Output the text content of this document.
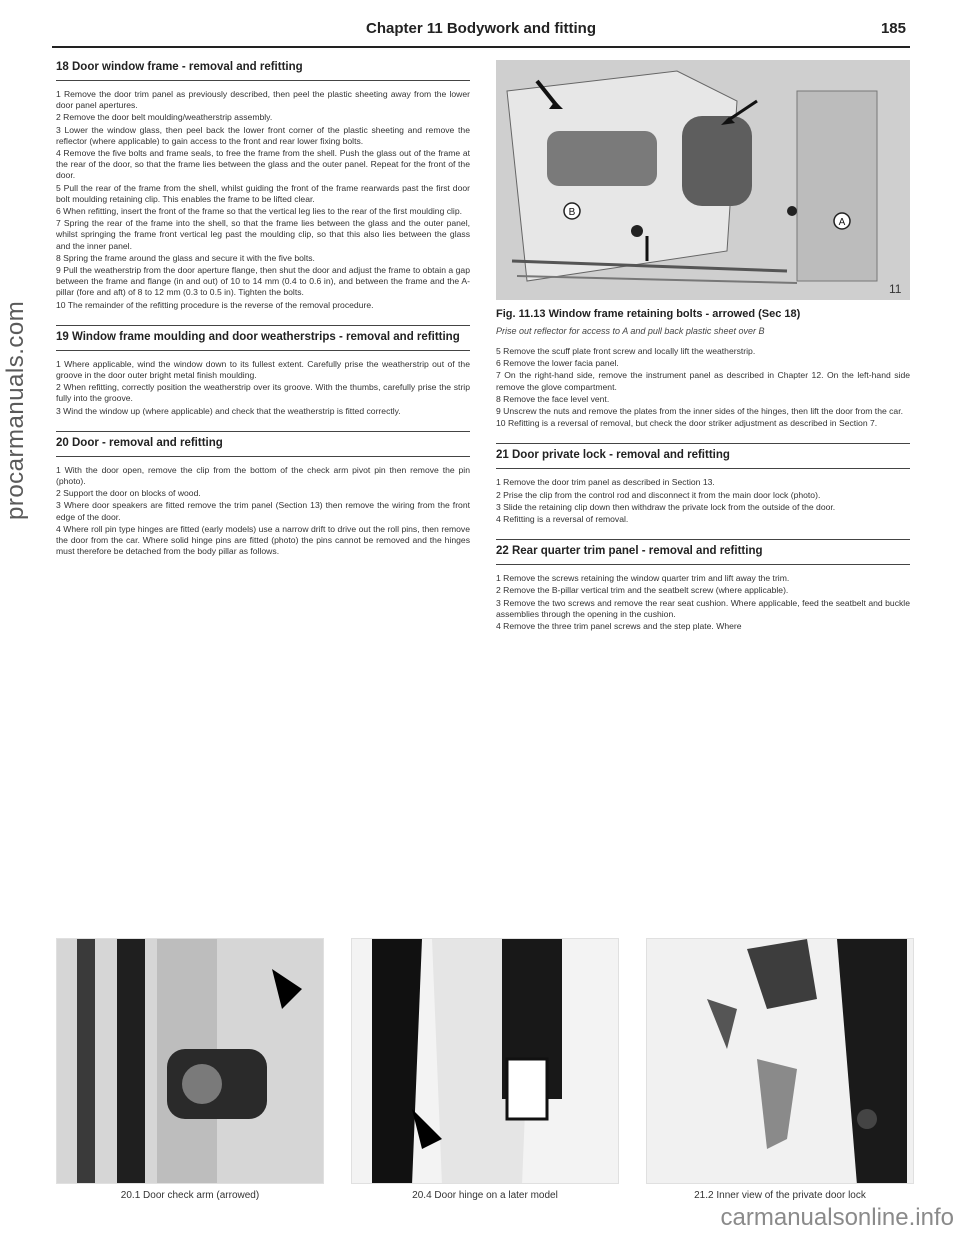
procarmanuals.com
carmanualsonline.info
Chapter 11 Bodywork and fitting	185
18 Door window frame - removal and refitting

1 Remove the door trim panel as previously described, then peel the plastic sheeting away from the lower door panel apertures.

2 Remove the door belt moulding/weatherstrip assembly.

3 Lower the window glass, then peel back the lower front corner of the plastic sheeting and remove the reflector (where applicable) to gain access to the front and rear lower fixing bolts.

4 Remove the five bolts and frame seals, to free the frame from the shell. Push the glass out of the frame at the rear of the door, so that the frame lies between the glass and the outer panel. Repeat for the front of the door.

5 Pull the rear of the frame from the shell, whilst guiding the front of the frame rearwards past the first door bolt moulding retaining clip. This enables the frame to be lifted clear.

6 When refitting, insert the front of the frame so that the vertical leg lies to the rear of the first moulding clip.

7 Spring the rear of the frame into the shell, so that the frame lies between the glass and the outer panel, whilst springing the frame front vertical leg past the moulding clip, so that this also lies between the glass and the inner panel.

8 Spring the frame around the glass and secure it with the five bolts.

9 Pull the weatherstrip from the door aperture flange, then shut the door and adjust the frame to obtain a gap between the frame and flange (in and out) of 10 to 14 mm (0.4 to 0.6 in), and between the frame and the A-pillar (fore and aft) of 8 to 12 mm (0.3 to 0.5 in). Tighten the bolts.

10 The remainder of the refitting procedure is the reverse of the removal procedure.

19 Window frame moulding and door weatherstrips - removal and refitting

1 Where applicable, wind the window down to its fullest extent. Carefully prise the weatherstrip out of the groove in the door outer bright metal finish moulding.

2 When refitting, correctly position the weatherstrip over its groove. With the thumbs, carefully prise the strip fully into the groove.

3 Wind the window up (where applicable) and check that the weatherstrip is fitted correctly.

20 Door - removal and refitting

1 With the door open, remove the clip from the bottom of the check arm pivot pin then remove the pin (photo).

2 Support the door on blocks of wood.

3 Where door speakers are fitted remove the trim panel (Section 13) then remove the wiring from the front edge of the door.

4 Where roll pin type hinges are fitted (early models) use a narrow drift to drive out the roll pins, then remove the door from the car. Where solid hinge pins are fitted (photo) the pins cannot be removed and the hinges must therefore be detached from the body pillar as follows.

B
A
11
Fig. 11.13 Window frame retaining bolts - arrowed (Sec 18)
Prise out reflector for access to A and pull back plastic sheet over B

5 Remove the scuff plate front screw and locally lift the weatherstrip.

6 Remove the lower facia panel.

7 On the right-hand side, remove the instrument panel as described in Chapter 12. On the left-hand side remove the glove compartment.

8 Remove the face level vent.

9 Unscrew the nuts and remove the plates from the inner sides of the hinges, then lift the door from the car.

10 Refitting is a reversal of removal, but check the door striker adjustment as described in Section 7.

21 Door private lock - removal and refitting

1 Remove the door trim panel as described in Section 13.

2 Prise the clip from the control rod and disconnect it from the main door lock (photo).

3 Slide the retaining clip down then withdraw the private lock from the outside of the door.

4 Refitting is a reversal of removal.

22 Rear quarter trim panel - removal and refitting

1 Remove the screws retaining the window quarter trim and lift away the trim.

2 Remove the B-pillar vertical trim and the seatbelt screw (where applicable).

3 Remove the two screws and remove the rear seat cushion. Where applicable, feed the seatbelt and buckle assemblies through the opening in the cushion.

4 Remove the three trim panel screws and the step plate. Where

20.1 Door check arm (arrowed)	20.4 Door hinge on a later model	21.2 Inner view of the private door lock
